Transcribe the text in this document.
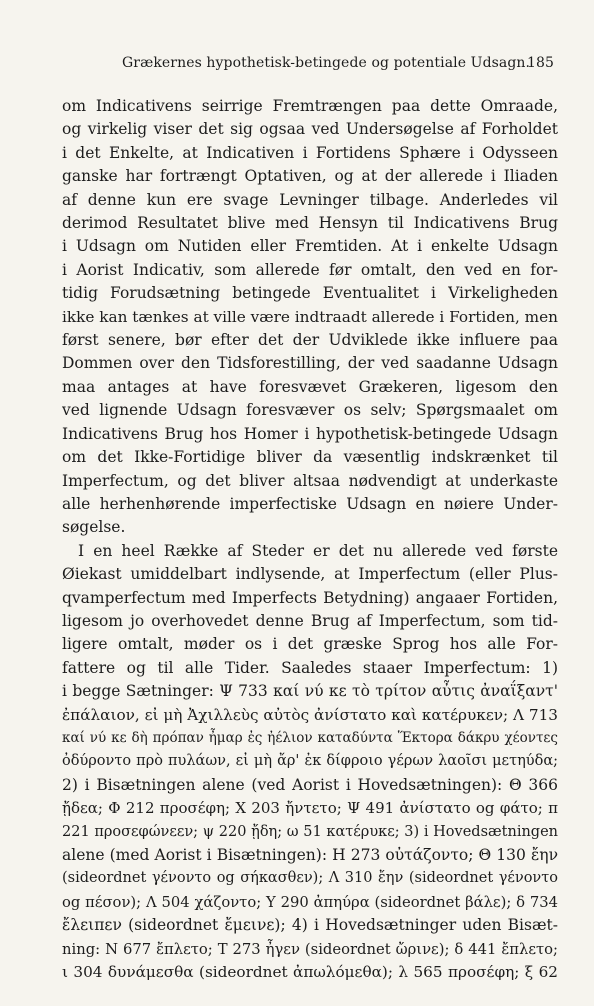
Grækernes hypothetisk-betingede og potentiale Udsagn.
185
om Indicativens seirrige Fremtrængen paa dette Omraade,
og virkelig viser det sig ogsaa ved Undersøgelse af Forholdet
i det Enkelte, at Indicativen i Fortidens Sphære i Odysseen
ganske har fortrængt Optativen, og at der allerede i Iliaden
af denne kun ere svage Levninger tilbage. Anderledes vil
derimod Resultatet blive med Hensyn til Indicativens Brug
i Udsagn om Nutiden eller Fremtiden. At i enkelte Udsagn
i Aorist Indicativ, som allerede før omtalt, den ved en for-
tidig Forudsætning betingede Eventualitet i Virkeligheden
ikke kan tænkes at ville være indtraadt allerede i Fortiden, men
først senere, bør efter det der Udviklede ikke influere paa
Dommen over den Tidsforestilling, der ved saadanne Udsagn
maa antages at have foresvævet Grækeren, ligesom den
ved lignende Udsagn foresvæver os selv; Spørgsmaalet om
Indicativens Brug hos Homer i hypothetisk-betingede Udsagn
om det Ikke-Fortidige bliver da væsentlig indskrænket til
Imperfectum, og det bliver altsaa nødvendigt at underkaste
alle herhenhørende imperfectiske Udsagn en nøiere Under-
søgelse.
I en heel Række af Steder er det nu allerede ved første
Øiekast umiddelbart indlysende, at Imperfectum (eller Plus-
qvamperfectum med Imperfects Betydning) angaaer Fortiden,
ligesom jo overhovedet denne Brug af Imperfectum, som tid-
ligere omtalt, møder os i det græske Sprog hos alle For-
fattere og til alle Tider. Saaledes staaer Imperfectum: 1)
i begge Sætninger: Ψ 733 καί νύ κε τὸ τρίτον αὖτις ἀναΐξαντ'
ἐπάλαιον, εἰ μὴ Ἀχιλλεὺς αὐτὸς ἀνίστατο καὶ κατέρυκεν; Λ 713
καί νύ κε δὴ πρόπαν ἦμαρ ἐς ἠέλιον καταδύντα Ἕκτορα δάκρυ χέοντες
ὀδύροντο πρὸ πυλάων, εἰ μὴ ἄρ' ἐκ δίφροιο γέρων λαοῖσι μετηύδα;
2) i Bisætningen alene (ved Aorist i Hovedsætningen): Θ 366
ᾔδεα; Φ 212 προσέφη; Χ 203 ἤντετο; Ψ 491 ἀνίστατο og φάτο; π
221 προσεφώνεεν; ψ 220 ᾔδη; ω 51 κατέρυκε; 3) i Hovedsætningen
alene (med Aorist i Bisætningen): Η 273 οὐτάζοντο; Θ 130 ἔην
(sideordnet γένοντο og σήκασθεν); Λ 310 ἔην (sideordnet γένοντο
og πέσον); Λ 504 χάζοντο; Υ 290 ἀπηύρα (sideordnet βάλε); δ 734
ἔλειπεν (sideordnet ἔμεινε); 4) i Hovedsætninger uden Bisæt-
ning: Ν 677 ἔπλετο; Τ 273 ἦγεν (sideordnet ὤρινε); δ 441 ἔπλετο;
ι 304 δυνάμεσθα (sideordnet ἀπωλόμεθα); λ 565 προσέφη; ξ 62
